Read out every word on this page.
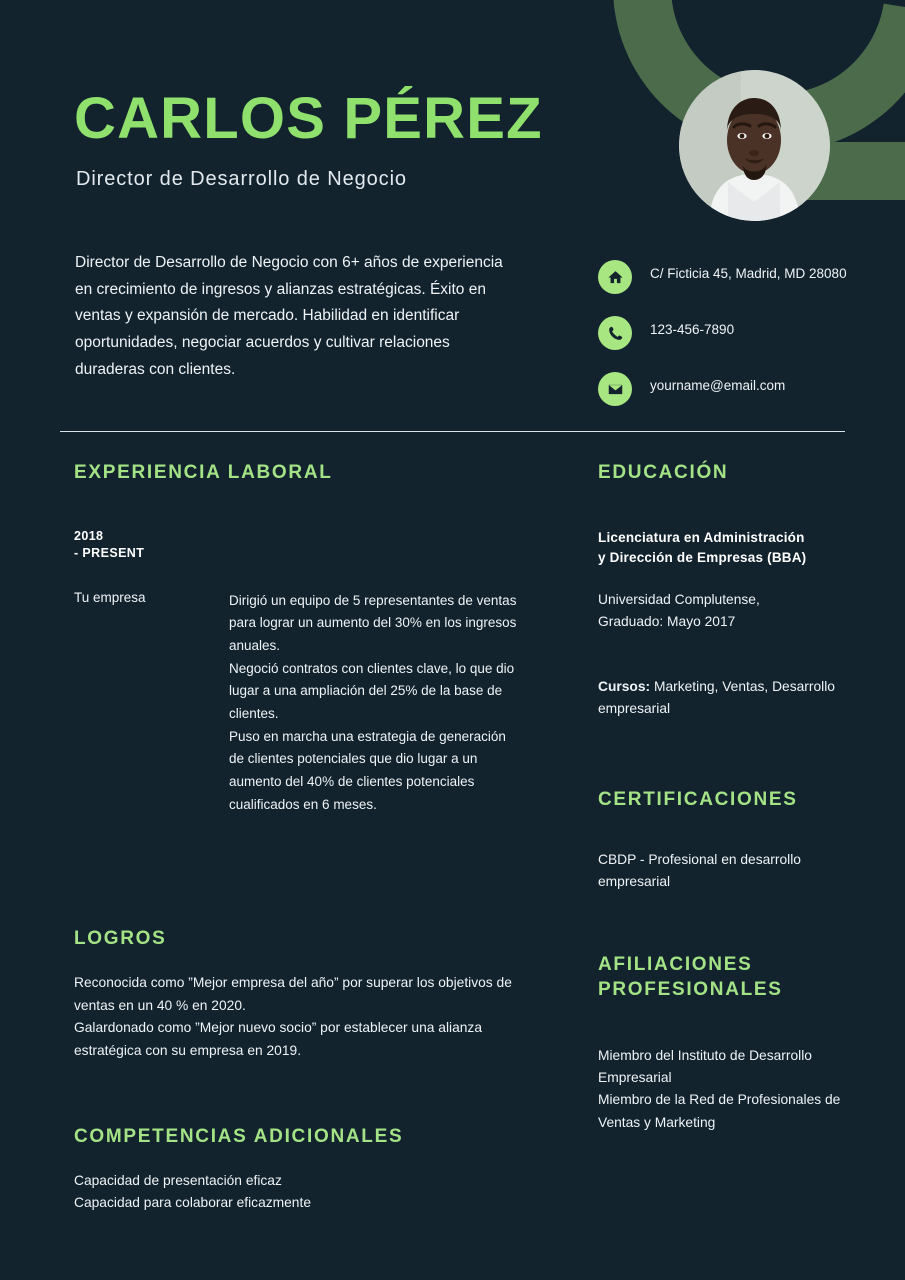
CARLOS PÉREZ
Director de Desarrollo de Negocio
Director de Desarrollo de Negocio con 6+ años de experiencia en crecimiento de ingresos y alianzas estratégicas. Éxito en ventas y expansión de mercado. Habilidad en identificar oportunidades, negociar acuerdos y cultivar relaciones duraderas con clientes.
C/ Ficticia 45, Madrid, MD 28080
123-456-7890
yourname@email.com
EXPERIENCIA LABORAL
2018
- PRESENT
Tu empresa	Dirigió un equipo de 5 representantes de ventas para lograr un aumento del 30% en los ingresos anuales.

Negoció contratos con clientes clave, lo que dio lugar a una ampliación del 25% de la base de clientes.

Puso en marcha una estrategia de generación de clientes potenciales que dio lugar a un aumento del 40% de clientes potenciales cualificados en 6 meses.

LOGROS

Reconocida como ”Mejor empresa del año” por superar los objetivos de ventas en un 40 % en 2020.

Galardonado como ”Mejor nuevo socio” por establecer una alianza estratégica con su empresa en 2019.

COMPETENCIAS ADICIONALES

Capacidad de presentación eficaz

Capacidad para colaborar eficazmente

EDUCACIÓN
Licenciatura en Administración
y Dirección de Empresas (BBA)

Universidad Complutense,

Graduado: Mayo 2017

Cursos: Marketing, Ventas, Desarrollo empresarial
CERTIFICACIONES

CBDP - Profesional en desarrollo empresarial

AFILIACIONES
PROFESIONALES

Miembro del Instituto de Desarrollo Empresarial

Miembro de la Red de Profesionales de Ventas y Marketing
